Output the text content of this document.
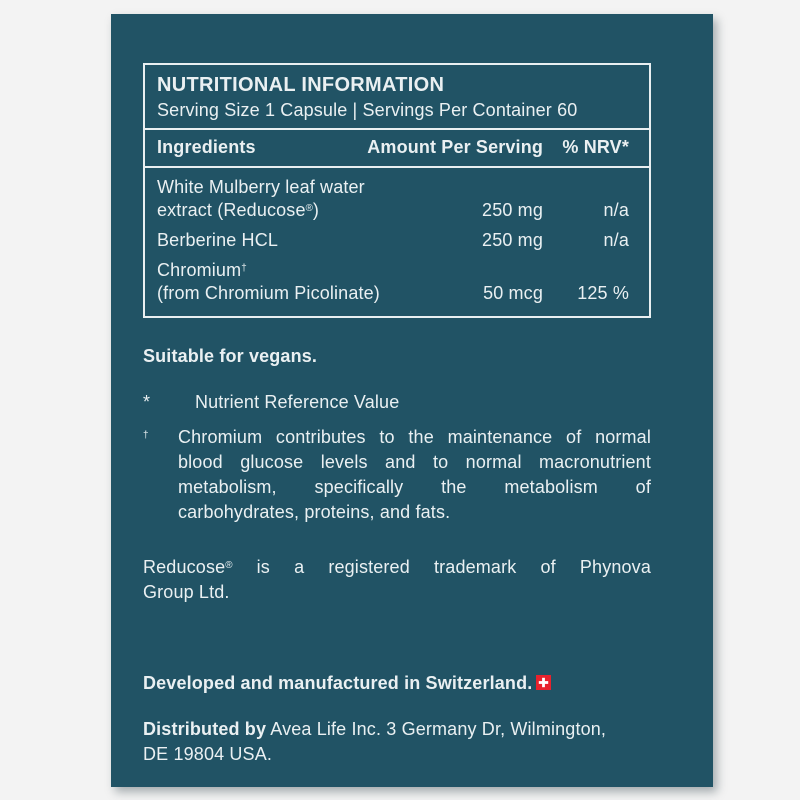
NUTRITIONAL INFORMATION
Serving Size 1 Capsule | Servings Per Container 60
Ingredients	Amount Per Serving	% NRV*
White Mulberry leaf water
extract (Reducose®)	250 mg	n/a
Berberine HCL	250 mg	n/a
Chromium†
(from Chromium Picolinate)	50 mcg	125 %
Suitable for vegans.
*	Nutrient Reference Value
†	Chromium contributes to the maintenance of normal
blood glucose levels and to normal macronutrient
metabolism, specifically the metabolism of
carbohydrates, proteins, and fats.
Reducose® is a registered trademark of Phynova
Group Ltd.
Developed and manufactured in Switzerland.
Distributed by Avea Life Inc. 3 Germany Dr, Wilmington,
DE 19804 USA.
